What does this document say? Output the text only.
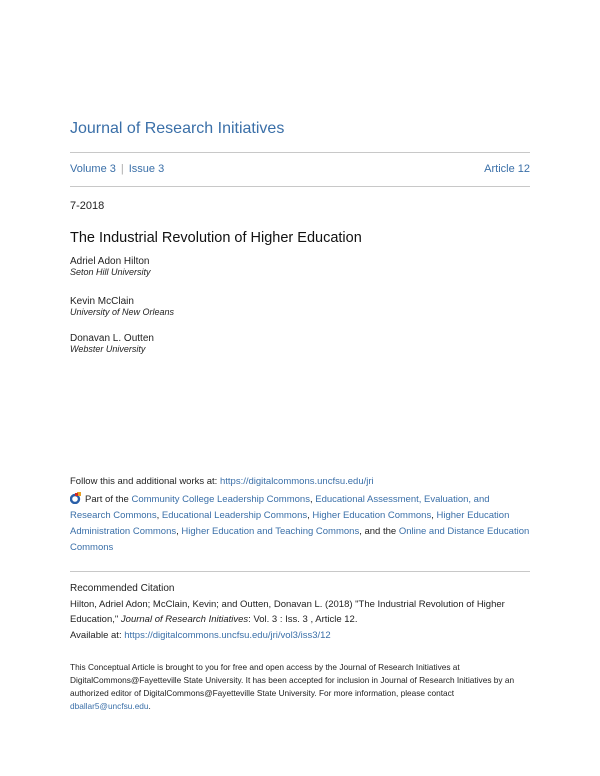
Journal of Research Initiatives
Volume 3 | Issue 3	Article 12
7-2018
The Industrial Revolution of Higher Education
Adriel Adon Hilton
Seton Hill University
Kevin McClain
University of New Orleans
Donavan L. Outten
Webster University
Follow this and additional works at: https://digitalcommons.uncfsu.edu/jri
Part of the Community College Leadership Commons, Educational Assessment, Evaluation, and Research Commons, Educational Leadership Commons, Higher Education Commons, Higher Education Administration Commons, Higher Education and Teaching Commons, and the Online and Distance Education Commons
Recommended Citation
Hilton, Adriel Adon; McClain, Kevin; and Outten, Donavan L. (2018) "The Industrial Revolution of Higher Education," Journal of Research Initiatives: Vol. 3 : Iss. 3 , Article 12.
Available at: https://digitalcommons.uncfsu.edu/jri/vol3/iss3/12
This Conceptual Article is brought to you for free and open access by the Journal of Research Initiatives at DigitalCommons@Fayetteville State University. It has been accepted for inclusion in Journal of Research Initiatives by an authorized editor of DigitalCommons@Fayetteville State University. For more information, please contact dballar5@uncfsu.edu.
